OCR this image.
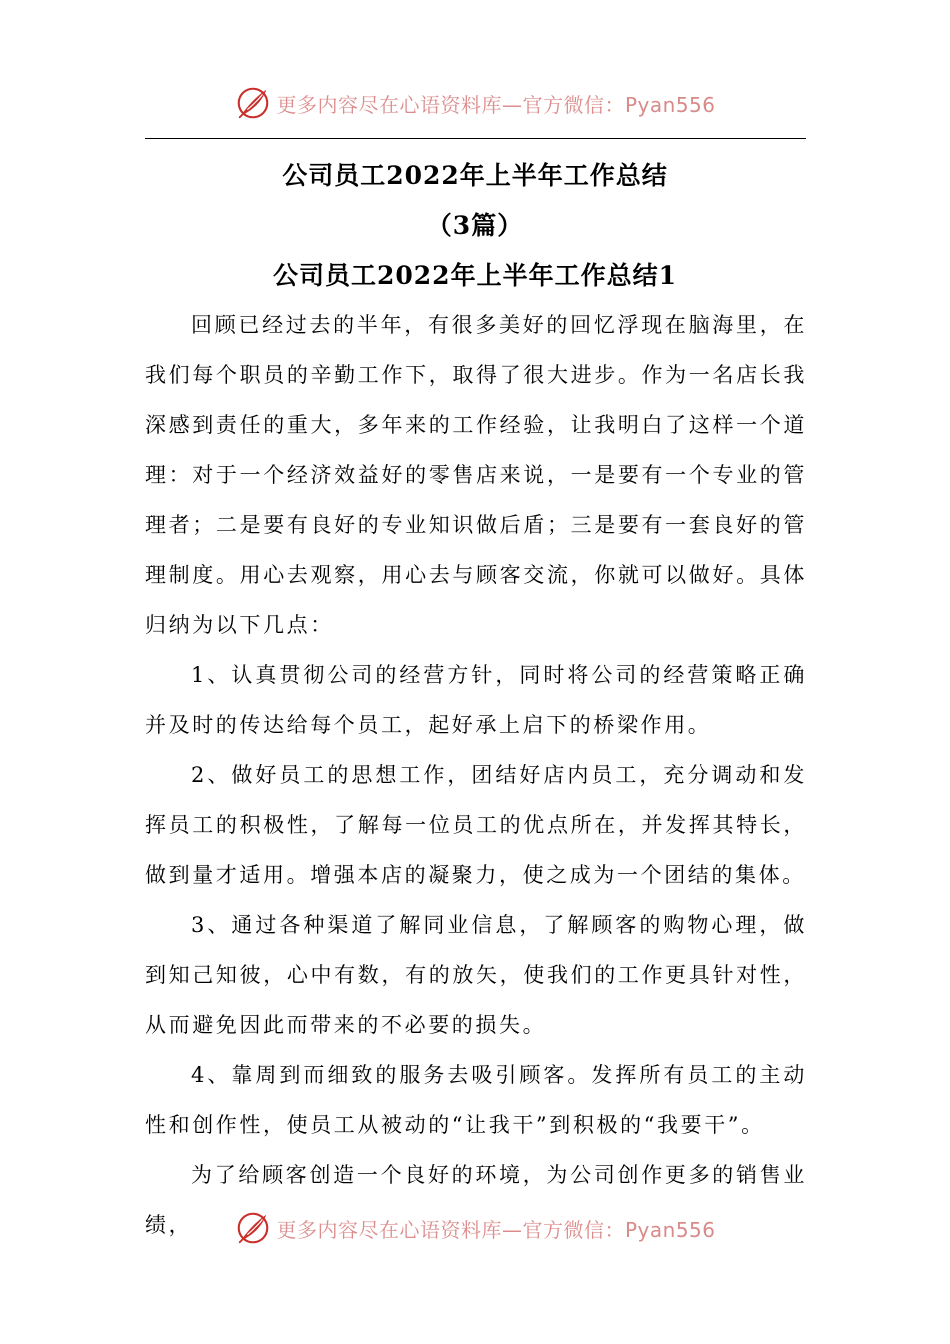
更多内容尽在心语资料库—官方微信：Pyan556
公司员工2022年上半年工作总结
（3篇）
公司员工2022年上半年工作总结1

回顾已经过去的半年，有很多美好的回忆浮现在脑海里，在我们每个职员的辛勤工作下，取得了很大进步。作为一名店长我深感到责任的重大，多年来的工作经验，让我明白了这样一个道理：对于一个经济效益好的零售店来说，一是要有一个专业的管理者；二是要有良好的专业知识做后盾；三是要有一套良好的管理制度。用心去观察，用心去与顾客交流，你就可以做好。具体归纳为以下几点：

1、认真贯彻公司的经营方针，同时将公司的经营策略正确并及时的传达给每个员工，起好承上启下的桥梁作用。

2、做好员工的思想工作，团结好店内员工，充分调动和发挥员工的积极性，了解每一位员工的优点所在，并发挥其特长，做到量才适用。增强本店的凝聚力，使之成为一个团结的集体。

3、通过各种渠道了解同业信息，了解顾客的购物心理，做到知己知彼，心中有数，有的放矢，使我们的工作更具针对性，从而避免因此而带来的不必要的损失。

4、靠周到而细致的服务去吸引顾客。发挥所有员工的主动性和创作性，使员工从被动的“让我干”到积极的“我要干”。

为了给顾客创造一个良好的环境，为公司创作更多的销售业绩，	更多内容尽在心语资料库—官方微信：Pyan556
